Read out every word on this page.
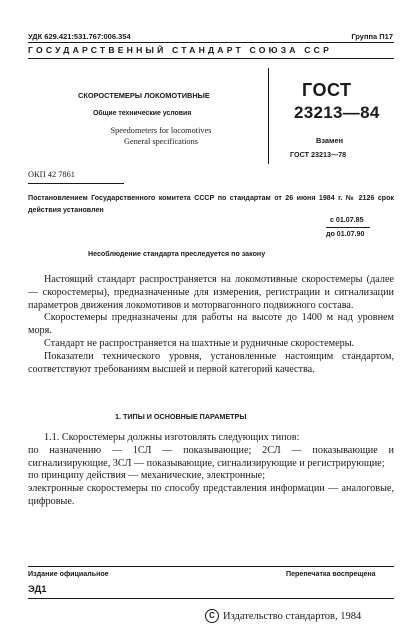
УДК 629.421:531.767:006.354	Группа П17
ГОСУДАРСТВЕННЫЙ СТАНДАРТ СОЮЗА ССР
СКОРОСТЕМЕРЫ ЛОКОМОТИВНЫЕ
Общие технические условия
Speedometers for locomotives
General specifications
ГОСТ
23213—84
Взамен
ГОСТ 23213—78
ОКП 42 7861
Постановлением Государственного комитета СССР по стандартам от 26 июня 1984 г. № 2126 срок действия установлен
с 01.07.85
до 01.07.90
Несоблюдение стандарта преследуется по закону

Настоящий стандарт распространяется на локомотивные скоростемеры (далее — скоростемеры), предназначенные для измерения, регистрации и сигнализации параметров движения локомотивов и моторвагонного подвижного состава.

Скоростемеры предназначены для работы на высоте до 1400 м над уровнем моря.

Стандарт не распространяется на шахтные и рудничные скоростемеры.

Показатели технического уровня, установленные настоящим стандартом, соответствуют требованиям высшей и первой категорий качества.

1. ТИПЫ И ОСНОВНЫЕ ПАРАМЕТРЫ

1.1. Скоростемеры должны изготовлять следующих типов:

по назначению — 1СЛ — показывающие; 2СЛ — показывающие и сигнализирующие, 3СЛ — показывающие, сигнализирующие и регистрирующие;

по принципу действия — механические, электронные;

электронные скоростемеры по способу представления информации — аналоговые, цифровые.

Издание официальное	Перепечатка воспрещена
ЭД1
С Издательство стандартов, 1984
